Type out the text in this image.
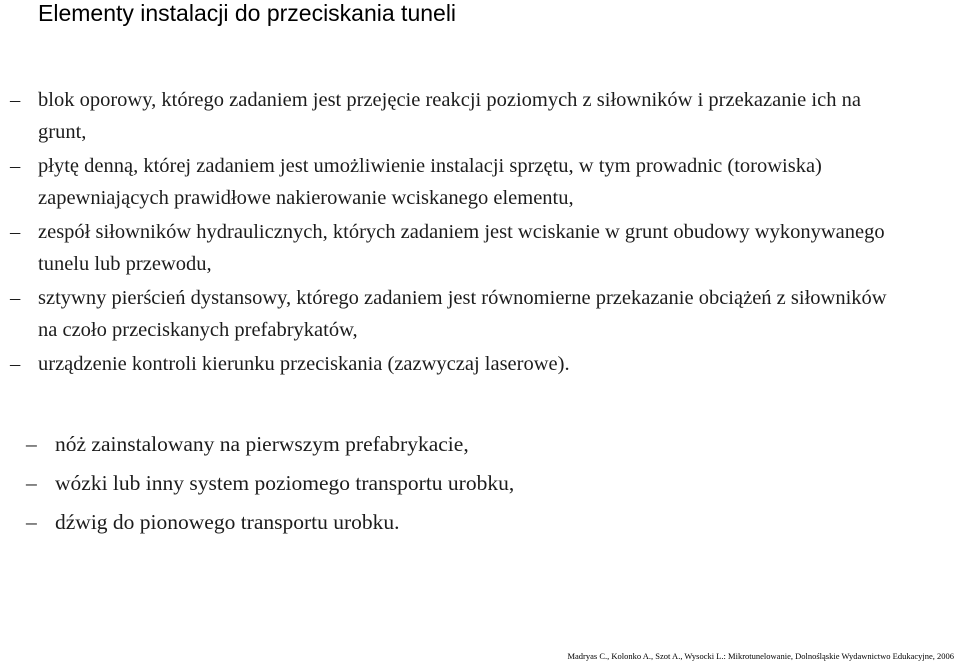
Elementy instalacji do przeciskania tuneli
– blok oporowy, którego zadaniem jest przejęcie reakcji poziomych z siłowników i przekazanie ich na grunt,
– płytę denną, której zadaniem jest umożliwienie instalacji sprzętu, w tym prowadnic (torowiska) zapewniających prawidłowe nakierowanie wciskanego elementu,
– zespół siłowników hydraulicznych, których zadaniem jest wciskanie w grunt obudowy wykonywanego tunelu lub przewodu,
– sztywny pierścień dystansowy, którego zadaniem jest równomierne przekazanie obciążeń z siłowników na czoło przeciskanych prefabrykatów,
– urządzenie kontroli kierunku przeciskania (zazwyczaj laserowe).
– nóż zainstalowany na pierwszym prefabrykacie,
– wózki lub inny system poziomego transportu urobku,
– dźwig do pionowego transportu urobku.
Madryas C., Kolonko A., Szot A., Wysocki L.: Mikrotunelowanie, Dolnośląskie Wydawnictwo Edukacyjne, 2006
